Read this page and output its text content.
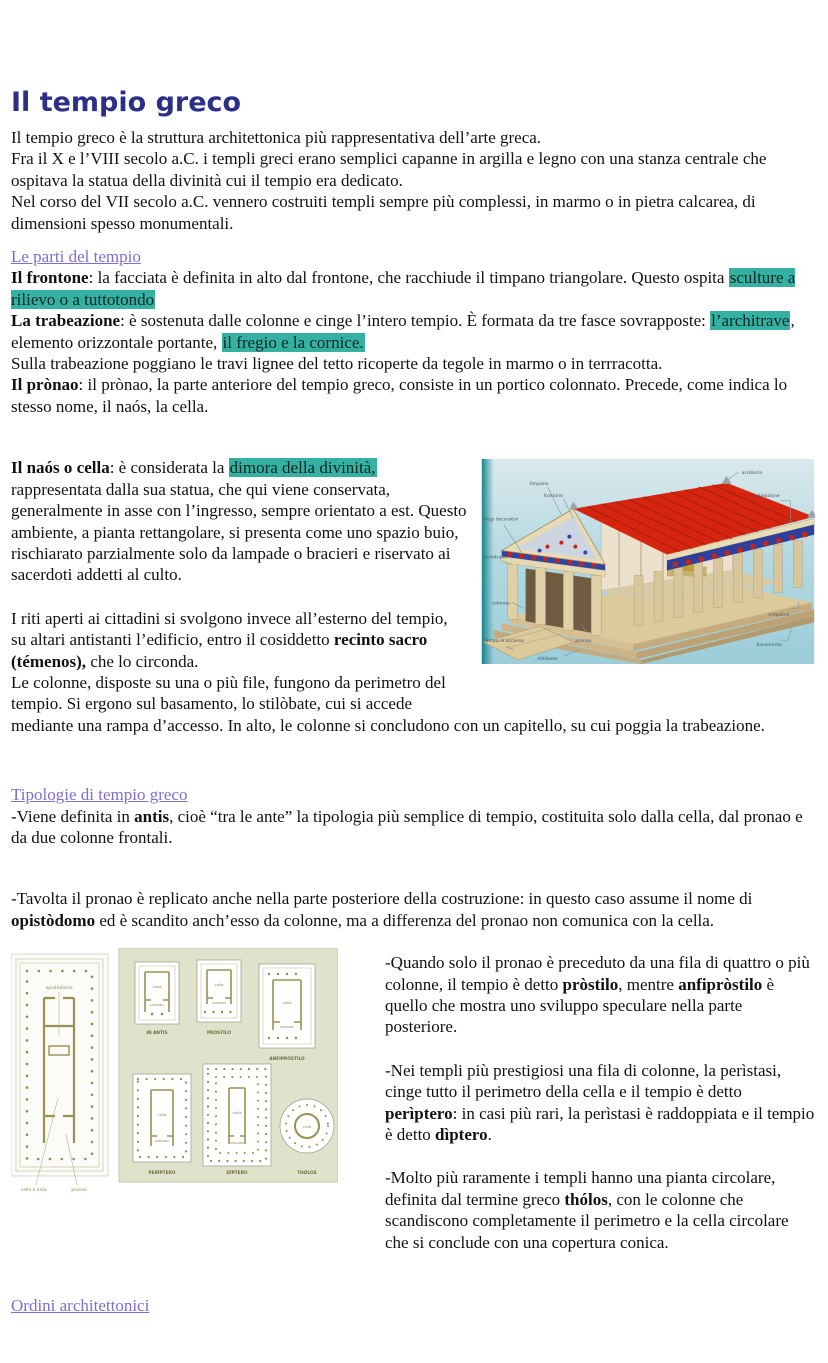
Il tempio greco

Il tempio greco è la struttura architettonica più rappresentativa dell’arte greca.

Fra il X e l’VIII secolo a.C. i templi greci erano semplici capanne in argilla e legno con una stanza centrale che ospitava la statua della divinità cui il tempio era dedicato.

Nel corso del VII secolo a.C. vennero costruiti templi sempre più complessi, in marmo o in pietra calcarea, di dimensioni spesso monumentali.

Le parti del tempio

Il frontone: la facciata è definita in alto dal frontone, che racchiude il timpano triangolare. Questo ospita sculture a rilievo o a tuttotondo

La trabeazione: è sostenuta dalle colonne e cinge l’intero tempio. È formata da tre fasce sovrapposte: l’architrave, elemento orizzontale portante, il fregio e la cornice.

Sulla trabeazione poggiano le travi lignee del tetto ricoperte da tegole in marmo o in terrracotta.

Il prònao: il prònao, la parte anteriore del tempio greco, consiste in un portico colonnato. Precede, come indica lo stesso nome, il naós, la cella.

acroteria
trabeazione
timpano
frontone
fregi decorativi
architrave
colonna
rampa di accesso	pronao
stilòbate
crepidine
basamento

Il naós o cella: è considerata la dimora della divinità, rappresentata dalla sua statua, che qui viene conservata, generalmente in asse con l’ingresso, sempre orientato a est. Questo ambiente, a pianta rettangolare, si presenta come uno spazio buio, rischiarato parzialmente solo da lampade o bracieri e riservato ai sacerdoti addetti al culto.

I riti aperti ai cittadini si svolgono invece all’esterno del tempio, su altari antistanti l’edificio, entro il cosiddetto recinto sacro (témenos), che lo circonda.

Le colonne, disposte su una o più file, fungono da perimetro del tempio. Si ergono sul basamento, lo stilòbate, cui si accede mediante una rampa d’accesso. In alto, le colonne si concludono con un capitello, su cui poggia la trabeazione.

Tipologie di tempio greco

-Viene definita in antis, cioè “tra le ante” la tipologia più semplice di tempio, costituita solo dalla cella, dal pronao e da due colonne frontali.

-Tavolta il pronao è replicato anche nella parte posteriore della costruzione: in questo caso assume il nome di opistòdomo ed è scandito anch’esso da colonne, ma a differenza del pronao non comunica con la cella.

opistòdomo
cella o naós	pronao
cella
pronao
IN ANTIS
cella
pronao
PRÒSTILO
cella
pronao
ANFIPRÒSTILO
cella
pronao
PERÌPTERO
cella
pronao
DÌPTERO
cella
THÓLOS

-Quando solo il pronao è preceduto da una fila di quattro o più colonne, il tempio è detto pròstilo, mentre anfipròstilo è quello che mostra uno sviluppo speculare nella parte posteriore.

-Nei templi più prestigiosi una fila di colonne, la perìstasi, cinge tutto il perimetro della cella e il tempio è detto perìptero: in casi più rari, la perìstasi è raddoppiata e il tempio è detto dìptero.

-Molto più raramente i templi hanno una pianta circolare, definita dal termine greco thólos, con le colonne che scandiscono completamente il perimetro e la cella circolare che si conclude con una copertura conica.

Ordini architettonici
